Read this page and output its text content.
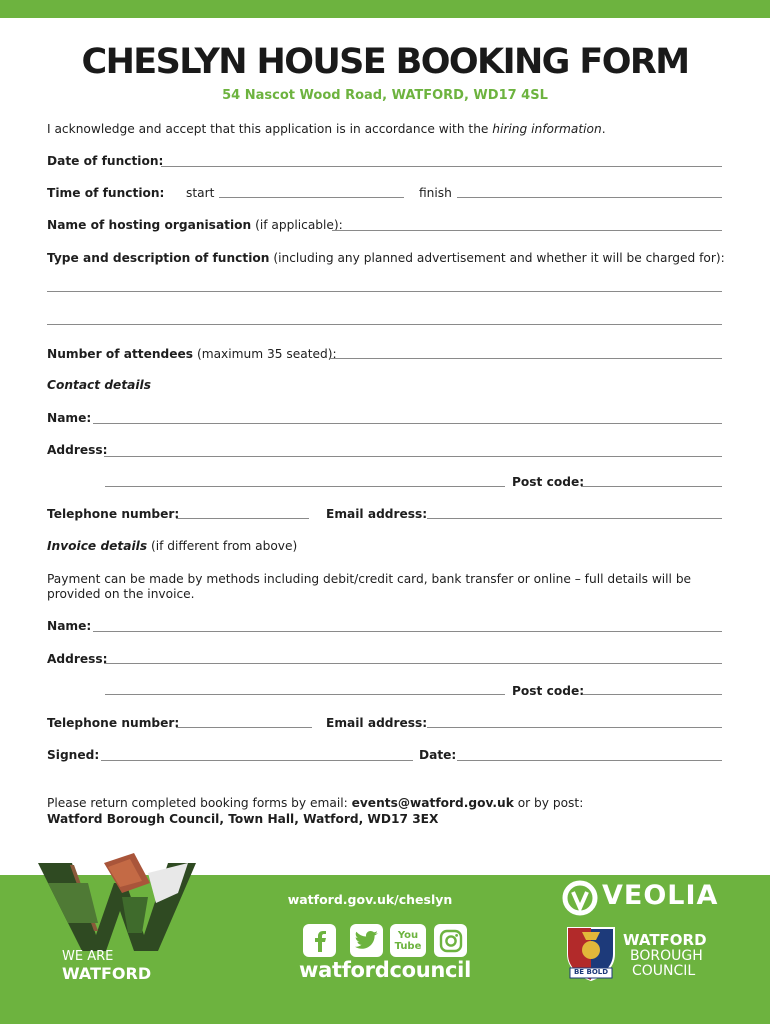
CHESLYN HOUSE BOOKING FORM
54 Nascot Wood Road, WATFORD, WD17 4SL
I acknowledge and accept that this application is in accordance with the hiring information.
Date of function:
Time of function: start	finish
Name of hosting organisation (if applicable):
Type and description of function (including any planned advertisement and whether it will be charged for):
Number of attendees (maximum 35 seated):
Contact details
Name:
Address:
Post code:
Telephone number:	Email address:
Invoice details (if different from above)
Payment can be made by methods including debit/credit card, bank transfer or online – full details will be
provided on the invoice.
Name:
Address:
Post code:
Telephone number:	Email address:
Signed:	Date:
Please return completed booking forms by email: events@watford.gov.uk or by post:
Watford Borough Council, Town Hall, Watford, WD17 3EX
WE ARE
WATFORD
watford.gov.uk/cheslyn
You
Tube
watfordcouncil
VEOLIA
BE BOLD
WATFORD
BOROUGH
COUNCIL
